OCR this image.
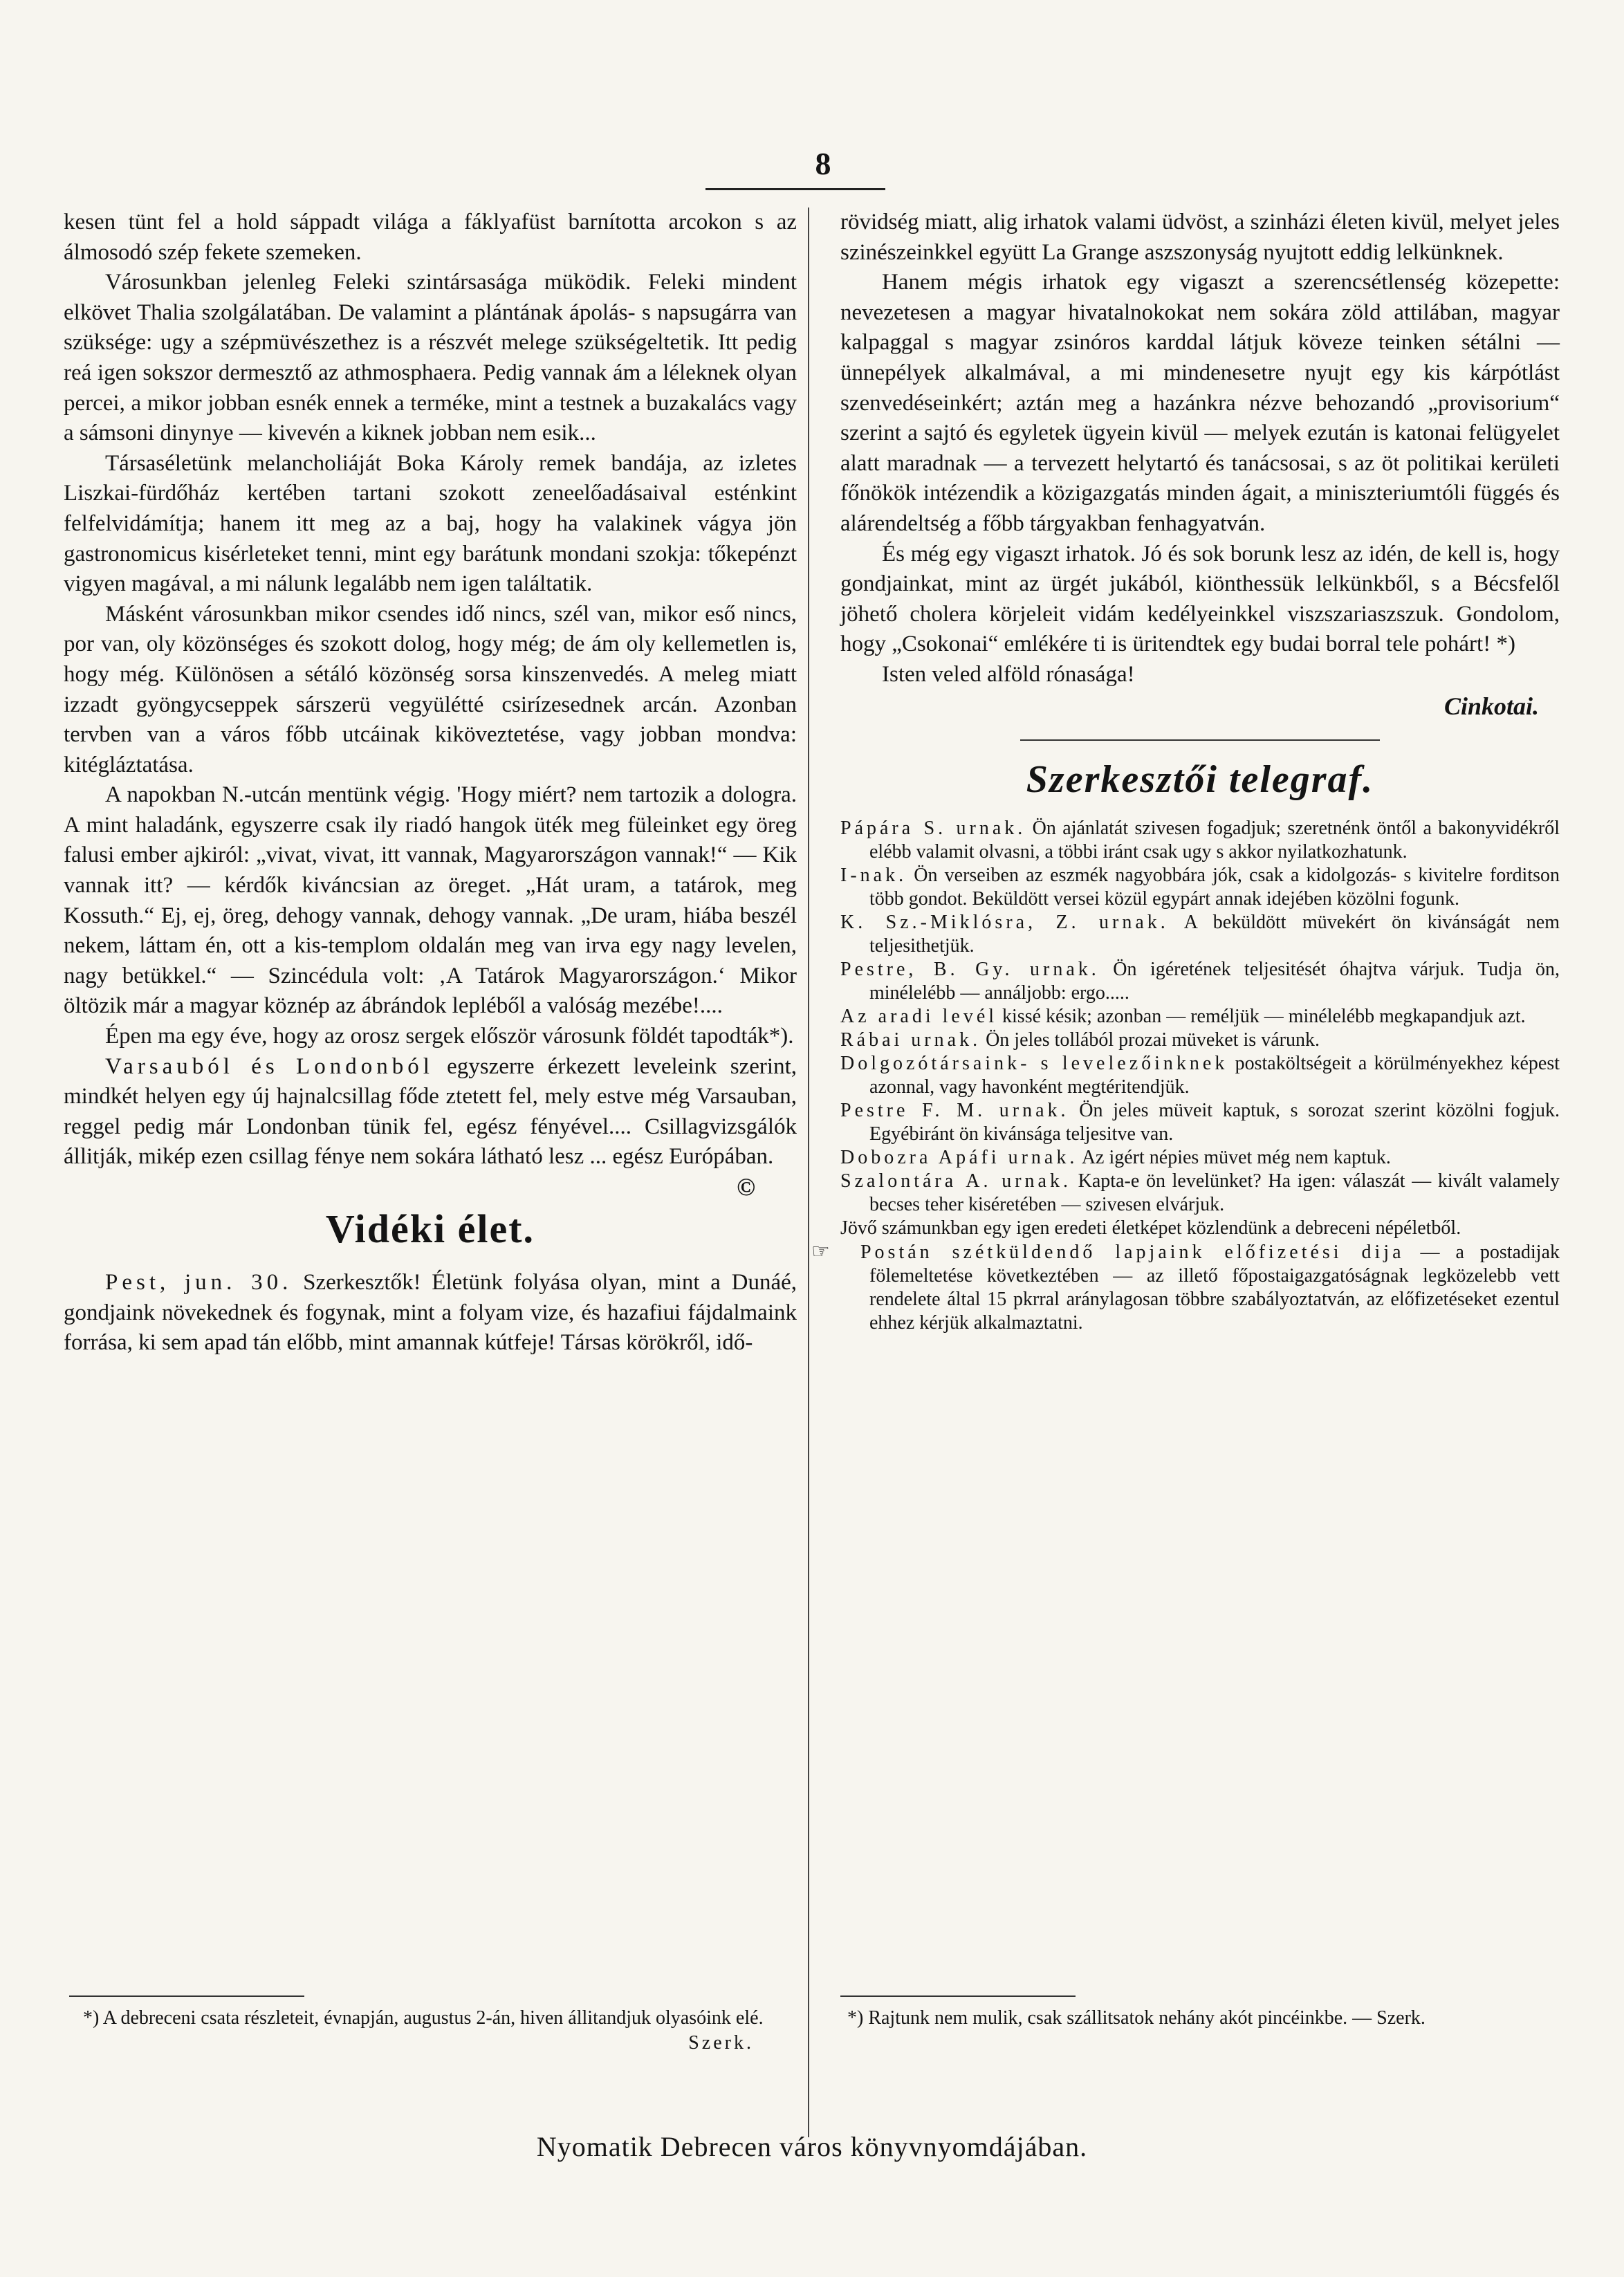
8

kesen tünt fel a hold sáppadt világa a fáklyafüst barnította arcokon s az álmosodó szép fekete szemeken.

Városunkban jelenleg Feleki szintársasága müködik. Feleki mindent elkövet Thalia szolgálatában. De valamint a plántának ápolás- s napsugárra van szüksége: ugy a szépmüvészethez is a részvét melege szükségeltetik. Itt pedig reá igen sokszor dermesztő az athmosphaera. Pedig vannak ám a léleknek olyan percei, a mikor jobban esnék ennek a terméke, mint a testnek a buzakalács vagy a sámsoni dinynye — kivevén a kiknek jobban nem esik...

Társaséletünk melancholiáját Boka Károly remek bandája, az izletes Liszkai-fürdőház kertében tartani szokott zeneelőadásaival esténkint felfelvidámítja; hanem itt meg az a baj, hogy ha valakinek vágya jön gastronomicus kisérleteket tenni, mint egy barátunk mondani szokja: tőkepénzt vigyen magával, a mi nálunk legalább nem igen találtatik.

Másként városunkban mikor csendes idő nincs, szél van, mikor eső nincs, por van, oly közönséges és szokott dolog, hogy még; de ám oly kellemetlen is, hogy még. Különösen a sétáló közönség sorsa kinszenvedés. A meleg miatt izzadt gyöngycseppek sárszerü vegyülétté csirízesednek arcán. Azonban tervben van a város főbb utcáinak kiköveztetése, vagy jobban mondva: kitégláztatása.

A napokban N.-utcán mentünk végig. 'Hogy miért? nem tartozik a dologra. A mint haladánk, egyszerre csak ily riadó hangok üték meg füleinket egy öreg falusi ember ajkiról: „vivat, vivat, itt vannak, Magyarországon vannak!“ — Kik vannak itt? — kérdők kiváncsian az öreget. „Hát uram, a tatárok, meg Kossuth.“ Ej, ej, öreg, dehogy vannak, dehogy vannak. „De uram, hiába beszél nekem, láttam én, ott a kis-templom oldalán meg van irva egy nagy levelen, nagy betükkel.“ — Szincédula volt: ‚A Tatárok Magyarországon.‘ Mikor öltözik már a magyar köznép az ábrándok lepléből a valóság mezébe!....

Épen ma egy éve, hogy az orosz sergek először városunk földét tapodták*).

Varsauból és Londonból egyszerre érkezett leveleink szerint, mindkét helyen egy új hajnalcsillag főde ztetett fel, mely estve még Varsauban, reggel pedig már Londonban tünik fel, egész fényével.... Csillagvizsgálók állitják, mikép ezen csillag fénye nem sokára látható lesz ... egész Európában.
©

Vidéki élet.

Pest, jun. 30. Szerkesztők! Életünk folyása olyan, mint a Dunáé, gondjaink növekednek és fogynak, mint a folyam vize, és hazafiui fájdalmaink forrása, ki sem apad tán előbb, mint amannak kútfeje! Társas körökről, idő-

rövidség miatt, alig irhatok valami üdvöst, a szinházi életen kivül, melyet jeles szinészeinkkel együtt La Grange aszszonyság nyujtott eddig lelkünknek.

Hanem mégis irhatok egy vigaszt a szerencsétlenség közepette: nevezetesen a magyar hivatalnokokat nem sokára zöld attilában, magyar kalpaggal s magyar zsinóros karddal látjuk köveze teinken sétálni — ünnepélyek alkalmával, a mi mindenesetre nyujt egy kis kárpótlást szenvedéseinkért; aztán meg a hazánkra nézve behozandó „provisorium“ szerint a sajtó és egyletek ügyein kivül — melyek ezután is katonai felügyelet alatt maradnak — a tervezett helytartó és tanácsosai, s az öt politikai kerületi főnökök intézendik a közigazgatás minden ágait, a miniszteriumtóli függés és alárendeltség a főbb tárgyakban fenhagyatván.

És még egy vigaszt irhatok. Jó és sok borunk lesz az idén, de kell is, hogy gondjainkat, mint az ürgét jukából, kiönthessük lelkünkből, s a Bécsfelől jöhető cholera körjeleit vidám kedélyeinkkel viszszariaszszuk. Gondolom, hogy „Csokonai“ emlékére ti is üritendtek egy budai borral tele pohárt! *)

Isten veled alföld rónasága!

Cinkotai.
Szerkesztői telegraf.

Pápára S. urnak. Ön ajánlatát szivesen fogadjuk; szeretnénk öntől a bakonyvidékről elébb valamit olvasni, a többi iránt csak ugy s akkor nyilatkozhatunk.

I-nak. Ön verseiben az eszmék nagyobbára jók, csak a kidolgozás- s kivitelre forditson több gondot. Beküldött versei közül egypárt annak idejében közölni fogunk.

K. Sz.-Miklósra, Z. urnak. A beküldött müvekért ön kivánságát nem teljesithetjük.

Pestre, B. Gy. urnak. Ön igéretének teljesitését óhajtva várjuk. Tudja ön, minélelébb — annáljobb: ergo.....

Az aradi levél kissé késik; azonban — reméljük — minélelébb megkapandjuk azt.

Rábai urnak. Ön jeles tollából prozai müveket is várunk.

Dolgozótársaink- s levelezőinknek postaköltségeit a körülményekhez képest azonnal, vagy havonként megtéritendjük.

Pestre F. M. urnak. Ön jeles müveit kaptuk, s sorozat szerint közölni fogjuk. Egyébiránt ön kivánsága teljesitve van.

Dobozra Apáfi urnak. Az igért népies müvet még nem kaptuk.

Szalontára A. urnak. Kapta-e ön levelünket? Ha igen: válaszát — kivált valamely becses teher kiséretében — szivesen elvárjuk.

Jövő számunkban egy igen eredeti életképet közlendünk a debreceni népéletből.

☞ Postán szétküldendő lapjaink előfizetési dija — a postadijak fölemeltetése következtében — az illető főpostaigazgatóságnak legközelebb vett rendelete által 15 pkrral aránylagosan többre szabályoztatván, az előfizetéseket ezentul ehhez kérjük alkalmaztatni.

*) A debreceni csata részleteit, évnapján, augustus 2-án, hiven állitandjuk olyasóink elé.
Szerk.
*) Rajtunk nem mulik, csak szállitsatok nehány akót pincéinkbe. — Szerk.
Nyomatik Debrecen város könyvnyomdájában.
